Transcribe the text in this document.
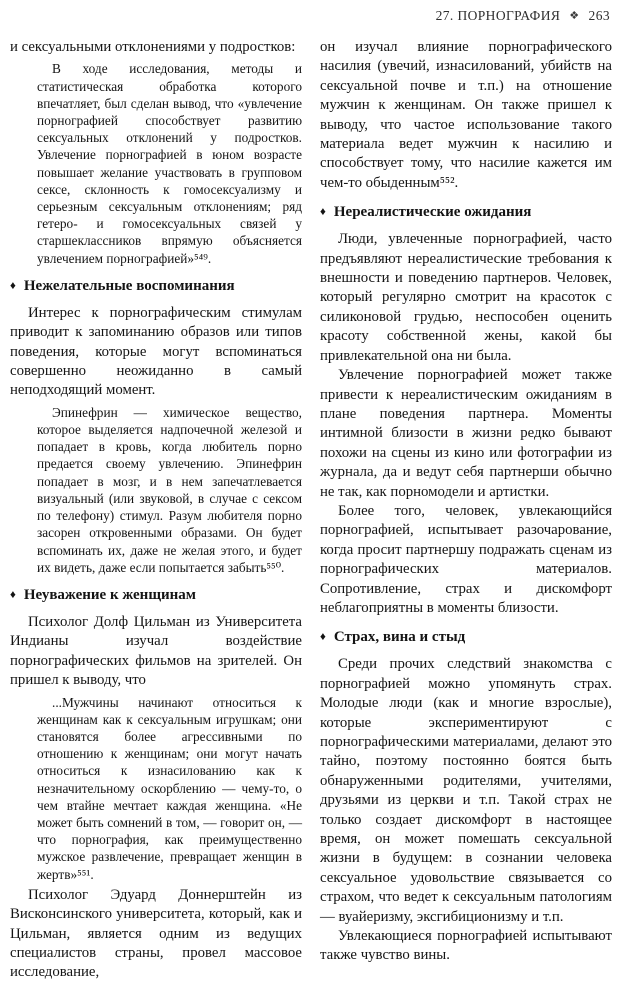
27. ПОРНОГРАФИЯ ❖ 263

и сексуальными отклонениями у подростков:

В ходе исследования, методы и статистическая обработка которого впечатляет, был сделан вывод, что «увлечение порнографией способствует развитию сексуальных отклонений у подростков. Увлечение порнографией в юном возрасте повышает желание участвовать в групповом сексе, склонность к гомосексуализму и серьезным сексуальным отклонениям; ряд гетеро- и гомосексуальных связей у старшеклассников впрямую объясняется увлечением порнографией»⁵⁴⁹.

♦ Нежелательные воспоминания

Интерес к порнографическим стимулам приводит к запоминанию образов или типов поведения, которые могут вспоминаться совершенно неожиданно в самый неподходящий момент.

Эпинефрин — химическое вещество, которое выделяется надпочечной железой и попадает в кровь, когда любитель порно предается своему увлечению. Эпинефрин попадает в мозг, и в нем запечатлевается визуальный (или звуковой, в случае с сексом по телефону) стимул. Разум любителя порно засорен откровенными образами. Он будет вспоминать их, даже не желая этого, и будет их видеть, даже если попытается забыть⁵⁵⁰.

♦ Неуважение к женщинам

Психолог Долф Цильман из Университета Индианы изучал воздействие порнографических фильмов на зрителей. Он пришел к выводу, что

...Мужчины начинают относиться к женщинам как к сексуальным игрушкам; они становятся более агрессивными по отношению к женщинам; они могут начать относиться к изнасилованию как к незначительному оскорблению — чему-то, о чем втайне мечтает каждая женщина. «Не может быть сомнений в том, — говорит он, — что порнография, как преимущественно мужское развлечение, превращает женщин в жертв»⁵⁵¹.

Психолог Эдуард Доннерштейн из Висконсинского университета, который, как и Цильман, является одним из ведущих специалистов страны, провел массовое исследование,

он изучал влияние порнографического насилия (увечий, изнасилований, убийств на сексуальной почве и т.п.) на отношение мужчин к женщинам. Он также пришел к выводу, что частое использование такого материала ведет мужчин к насилию и способствует тому, что насилие кажется им чем-то обыденным⁵⁵².

♦ Нереалистические ожидания

Люди, увлеченные порнографией, часто предъявляют нереалистические требования к внешности и поведению партнеров. Человек, который регулярно смотрит на красоток с силиконовой грудью, неспособен оценить красоту собственной жены, какой бы привлекательной она ни была.

Увлечение порнографией может также привести к нереалистическим ожиданиям в плане поведения партнера. Моменты интимной близости в жизни редко бывают похожи на сцены из кино или фотографии из журнала, да и ведут себя партнерши обычно не так, как порномодели и артистки.

Более того, человек, увлекающийся порнографией, испытывает разочарование, когда просит партнершу подражать сценам из порнографических материалов. Сопротивление, страх и дискомфорт неблагоприятны в моменты близости.

♦ Страх, вина и стыд

Среди прочих следствий знакомства с порнографией можно упомянуть страх. Молодые люди (как и многие взрослые), которые экспериментируют с порнографическими материалами, делают это тайно, поэтому постоянно боятся быть обнаруженными родителями, учителями, друзьями из церкви и т.п. Такой страх не только создает дискомфорт в настоящее время, он может помешать сексуальной жизни в будущем: в сознании человека сексуальное удовольствие связывается со страхом, что ведет к сексуальным патологиям — вуайеризму, эксгибиционизму и т.п.

Увлекающиеся порнографией испытывают также чувство вины.
